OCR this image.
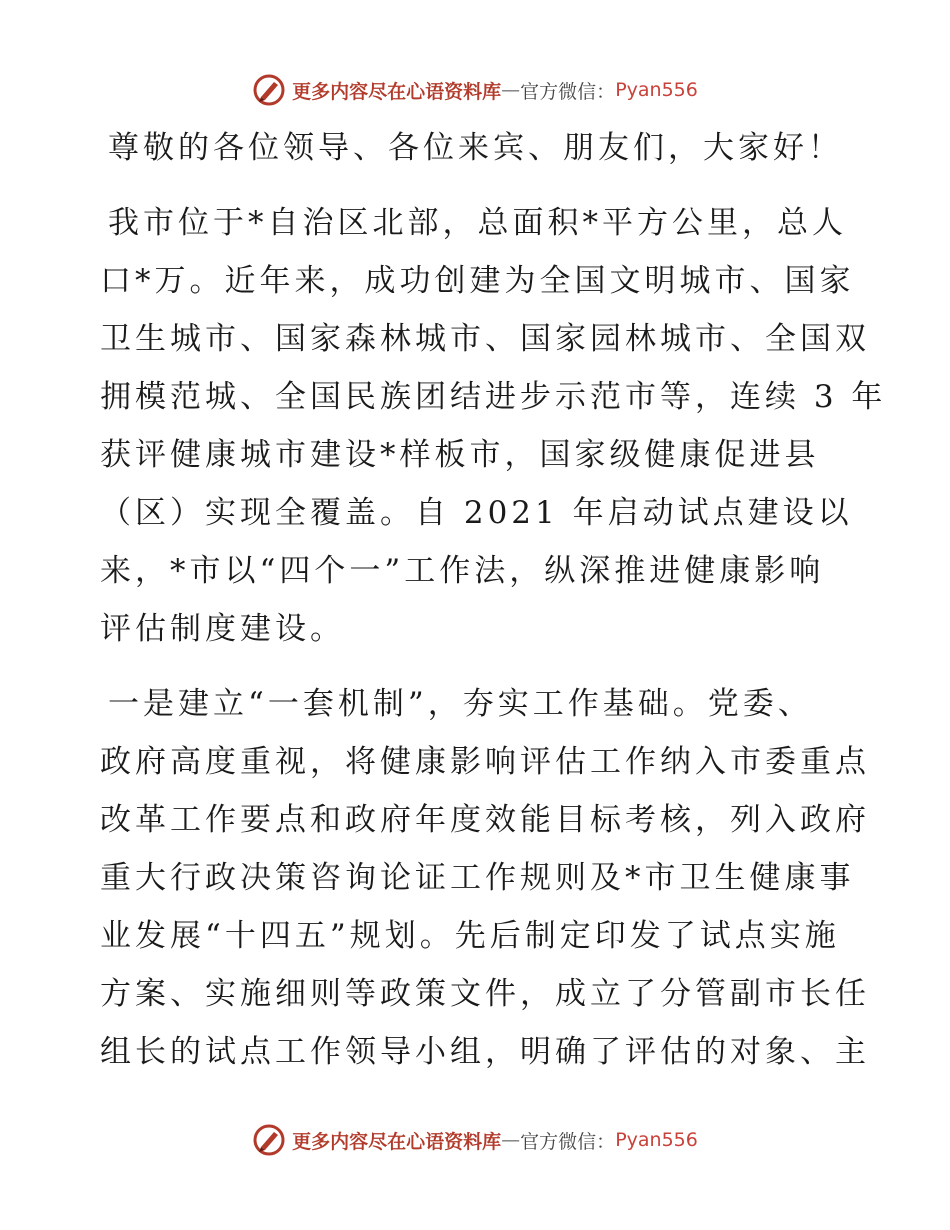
更多内容尽在心语资料库 — 官方微信： Pyan556
尊敬的各位领导、各位来宾、朋友们，大家好！
我市位于*自治区北部，总面积*平方公里，总人
口*万。近年来，成功创建为全国文明城市、国家
卫生城市、国家森林城市、国家园林城市、全国双
拥模范城、全国民族团结进步示范市等，连续 3 年
获评健康城市建设*样板市，国家级健康促进县
（区）实现全覆盖。自 2021 年启动试点建设以
来，*市以“四个一”工作法，纵深推进健康影响
评估制度建设。
一是建立“一套机制”，夯实工作基础。党委、
政府高度重视，将健康影响评估工作纳入市委重点
改革工作要点和政府年度效能目标考核，列入政府
重大行政决策咨询论证工作规则及*市卫生健康事
业发展“十四五”规划。先后制定印发了试点实施
方案、实施细则等政策文件，成立了分管副市长任
组长的试点工作领导小组，明确了评估的对象、主
更多内容尽在心语资料库 — 官方微信： Pyan556
